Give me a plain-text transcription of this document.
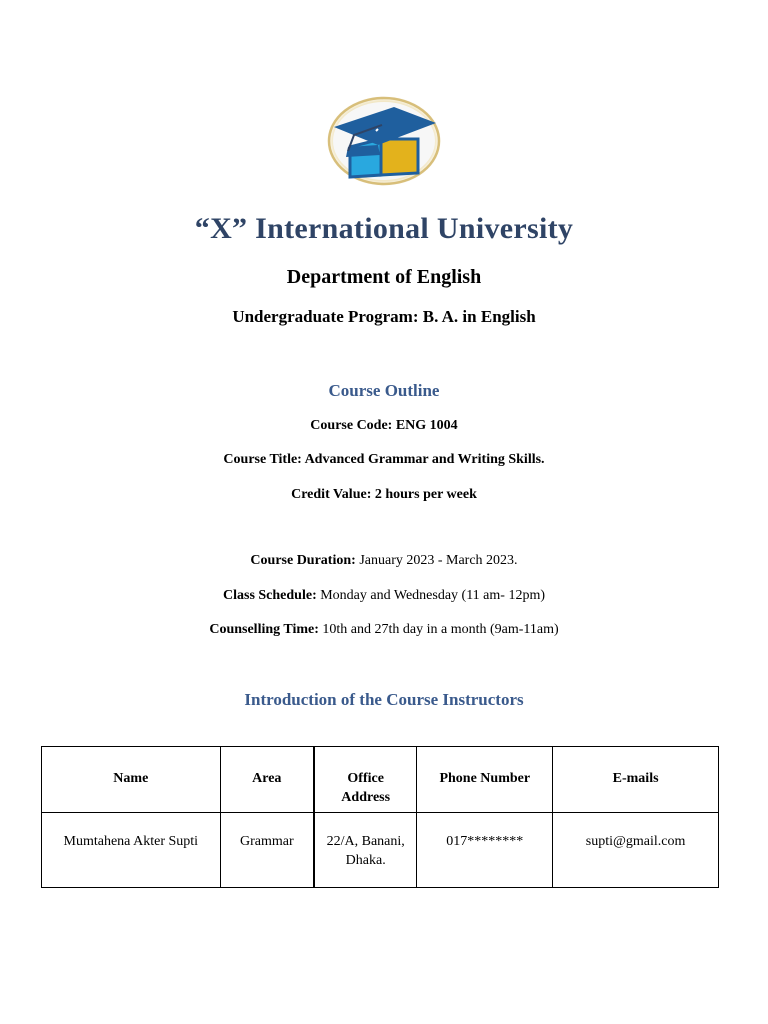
“X” International University
Department of English
Undergraduate Program: B. A. in English
Course Outline
Course Code: ENG 1004
Course Title: Advanced Grammar and Writing Skills.
Credit Value: 2 hours per week
Course Duration: January 2023 - March 2023.
Class Schedule: Monday and Wednesday (11 am- 12pm)
Counselling Time: 10th and 27th day in a month (9am-11am)
Introduction of the Course Instructors
Name	Area	Office Address	Phone Number	E-mails
Mumtahena Akter Supti	Grammar	22/A, Banani, Dhaka.	017********	supti@gmail.com
